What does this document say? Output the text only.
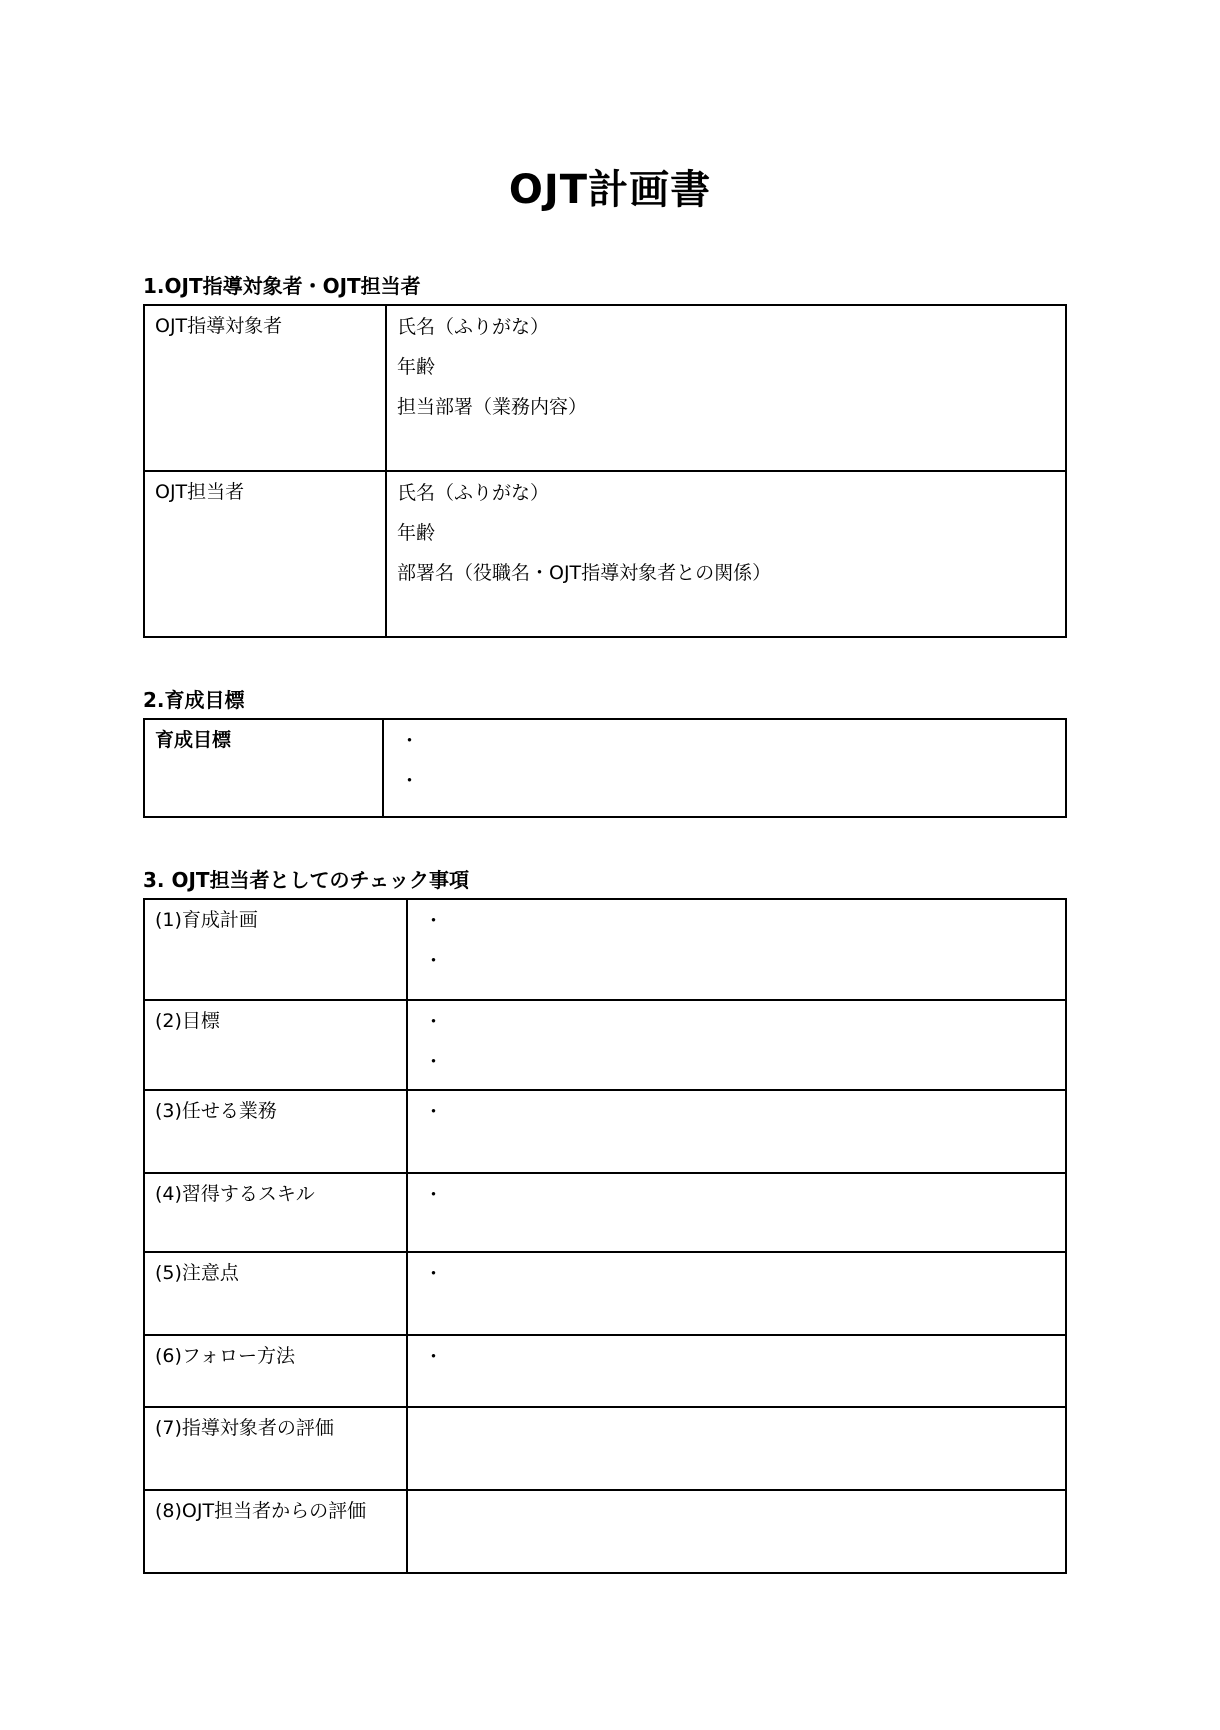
OJT計画書
1.OJT指導対象者・OJT担当者
OJT指導対象者	氏名（ふりがな）
年齢
担当部署（業務内容）

OJT担当者	氏名（ふりがな）
年齢
部署名（役職名・OJT指導対象者との関係）
2.育成目標
育成目標	・
・
3. OJT担当者としてのチェック事項
(1)育成計画	・
・

(2)目標	・
・

(3)任せる業務	・

(4)習得するスキル	・

(5)注意点	・

(6)フォロー方法	・

(7)指導対象者の評価	

(8)OJT担当者からの評価	
